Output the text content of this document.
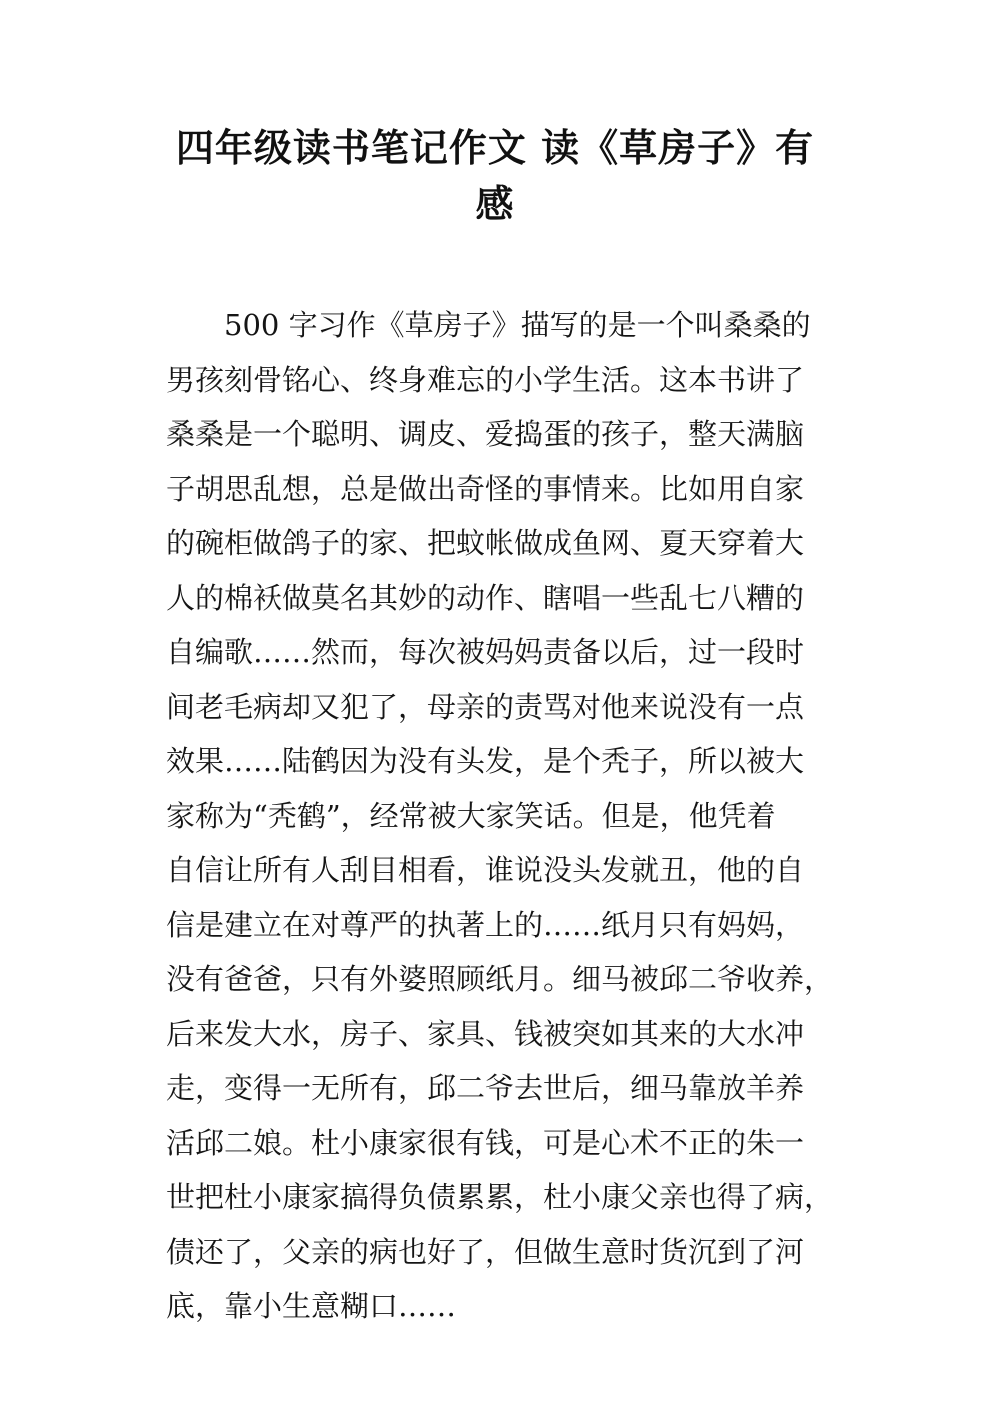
四年级读书笔记作文 读《草房子》有
感
500 字习作《草房子》描写的是一个叫桑桑的
男孩刻骨铭心、终身难忘的小学生活。这本书讲了
桑桑是一个聪明、调皮、爱捣蛋的孩子，整天满脑
子胡思乱想，总是做出奇怪的事情来。比如用自家
的碗柜做鸽子的家、把蚊帐做成鱼网、夏天穿着大
人的棉袄做莫名其妙的动作、瞎唱一些乱七八糟的
自编歌……然而，每次被妈妈责备以后，过一段时
间老毛病却又犯了，母亲的责骂对他来说没有一点
效果……陆鹤因为没有头发，是个秃子，所以被大
家称为“秃鹤”，经常被大家笑话。但是，他凭着
自信让所有人刮目相看，谁说没头发就丑，他的自
信是建立在对尊严的执著上的……纸月只有妈妈，
没有爸爸，只有外婆照顾纸月。细马被邱二爷收养，
后来发大水，房子、家具、钱被突如其来的大水冲
走，变得一无所有，邱二爷去世后，细马靠放羊养
活邱二娘。杜小康家很有钱，可是心术不正的朱一
世把杜小康家搞得负债累累，杜小康父亲也得了病，
债还了，父亲的病也好了，但做生意时货沉到了河
底，靠小生意糊口……
